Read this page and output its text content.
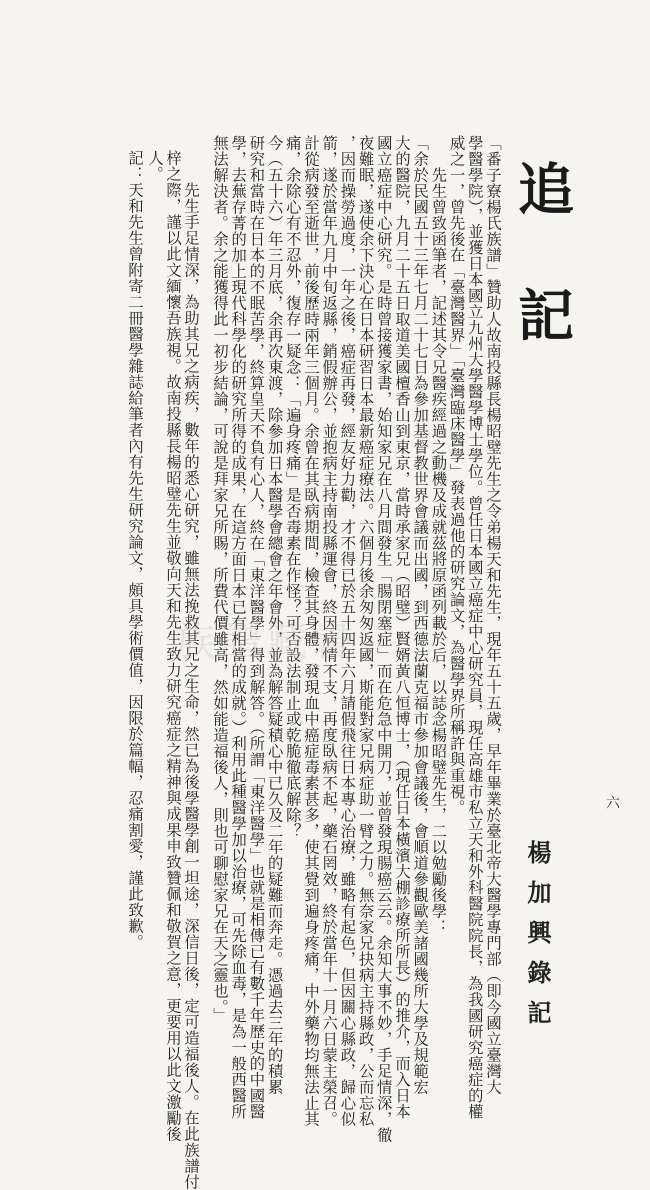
追記
六
楊加興錄記
「番子寮楊氏族譜」贊助人故南投縣長楊昭璧先生之令弟楊天和先生，現年五十五歲，早年畢業於臺北帝大醫學專門部（即今國立臺灣大
學醫學院），並獲日本國立九州大學醫學博士學位。曾任日本國立癌症中心研究員，現任高雄市私立天和外科醫院院長，為我國研究癌症的權
威之一，曾先後在「臺灣醫界」「臺灣臨床醫學」發表過他的研究論文，為醫學界所稱許與重視。
先生曾致函筆者，記述其令兄醫疾經過之動機及成就茲將原函列載於后，以誌念楊昭璧先生，二以勉勵後學：
「余於民國五十三年七月二十七日為參加基督教世界會議而出國，到西德法蘭克福市參加會議後，會順道參觀歐美諸國幾所大學及規範宏
大的醫院，九月二十五日取道美國檀香山到東京，當時承家兄（昭璧）賢婿黃八恒博士，（現任日本橫濱大棚診療所所長）的推介，而入日本
國立癌症中心研究。是時曾接獲家書，始知家兄在八月間發生「腸閉塞症」而在危急中開刀，並曾發現腸癌云云。余知大事不妙，手足情深，徹
夜難眠，遂使余下決心在日本研習日本最新癌症療法。六個月後余匆匆返國，斯能對家兄病症助一臂之力。無奈家兄抉病主持縣政，公而忘私
，因而操勞過度，一年之後，癌症再發，經友好力勸，才不得已於五十四年六月請假飛往日本專心治療，雖略有起色，但因關心縣政，歸心似
箭，遂於當年九月中旬返縣，銷假辦公，並抱病主持南投縣運會，終因病情不支，再度臥病不起，藥石罔效，終於當年十一月六日蒙主榮召。
計從病發至逝世，前後歷時兩年三個月。余曾在其臥病期間，檢查其身體，發現血中癌症毒素甚多，使其覺到遍身疼痛，中外藥物均無法止其
痛，余除心有不忍外，復存一疑念：「遍身疼痛」是否毒素在作怪？可否設法制止或乾脆徹底解除？
今（五十六）年三月底，余再次東渡，除參加日本醫學會總會之年會外，並為解答疑積心中已久及二年的疑難而奔走。憑過去三年的積累
研究和當時在日本的不眠苦學，終算皇天不負有心人，終在「東洋醫學」得到解答。（所謂「東洋醫學」也就是相傳已有數千年歷史的中國醫
學，去蕪存菁的加上現代科學化的研究所得的成果，在這方面日本已有相當的成就。）利用此種醫學加以治療，可先除血毒，是為一般西醫所
無法解決者。余之能獲得此一初步結論，可說是拜家兄所賜，所費代價雖高，然如能造福後人，則也可聊慰家兄在天之靈也。」
先生手足情深，為助其兄之病疾，數年的悉心研究，雖無法挽救其兄之生命，然已為後學醫學創一坦途，深信日後，定可造福後人。在此族譜付
梓之際，謹以此文緬懷吾族視。故南投縣長楊昭璧先生並敬向天和先生致力研究癌症之精神與成果申致贊佩和敬賀之意，更要用以此文激勵後
人。
記：天和先生曾附寄二冊醫學雜誌給筆者內有先生研究論文，頗具學術價值，因限於篇幅，忍痛割愛，謹此致歉。 族譜藏書
